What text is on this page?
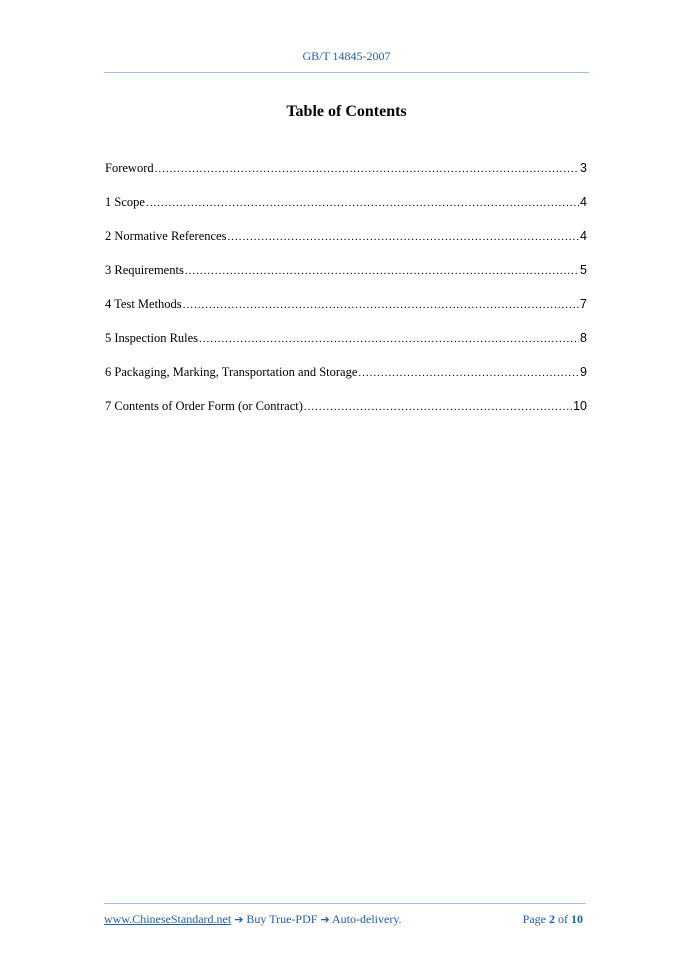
GB/T 14845-2007
Table of Contents
Foreword .....	3
1 Scope .....	4
2 Normative References .....	4
3 Requirements .....	5
4 Test Methods .....	7
5 Inspection Rules .....	8
6 Packaging, Marking, Transportation and Storage .....	9
7 Contents of Order Form (or Contract) .....	10
www.ChineseStandard.net ➔ Buy True-PDF ➔ Auto-delivery.	Page 2 of 10
